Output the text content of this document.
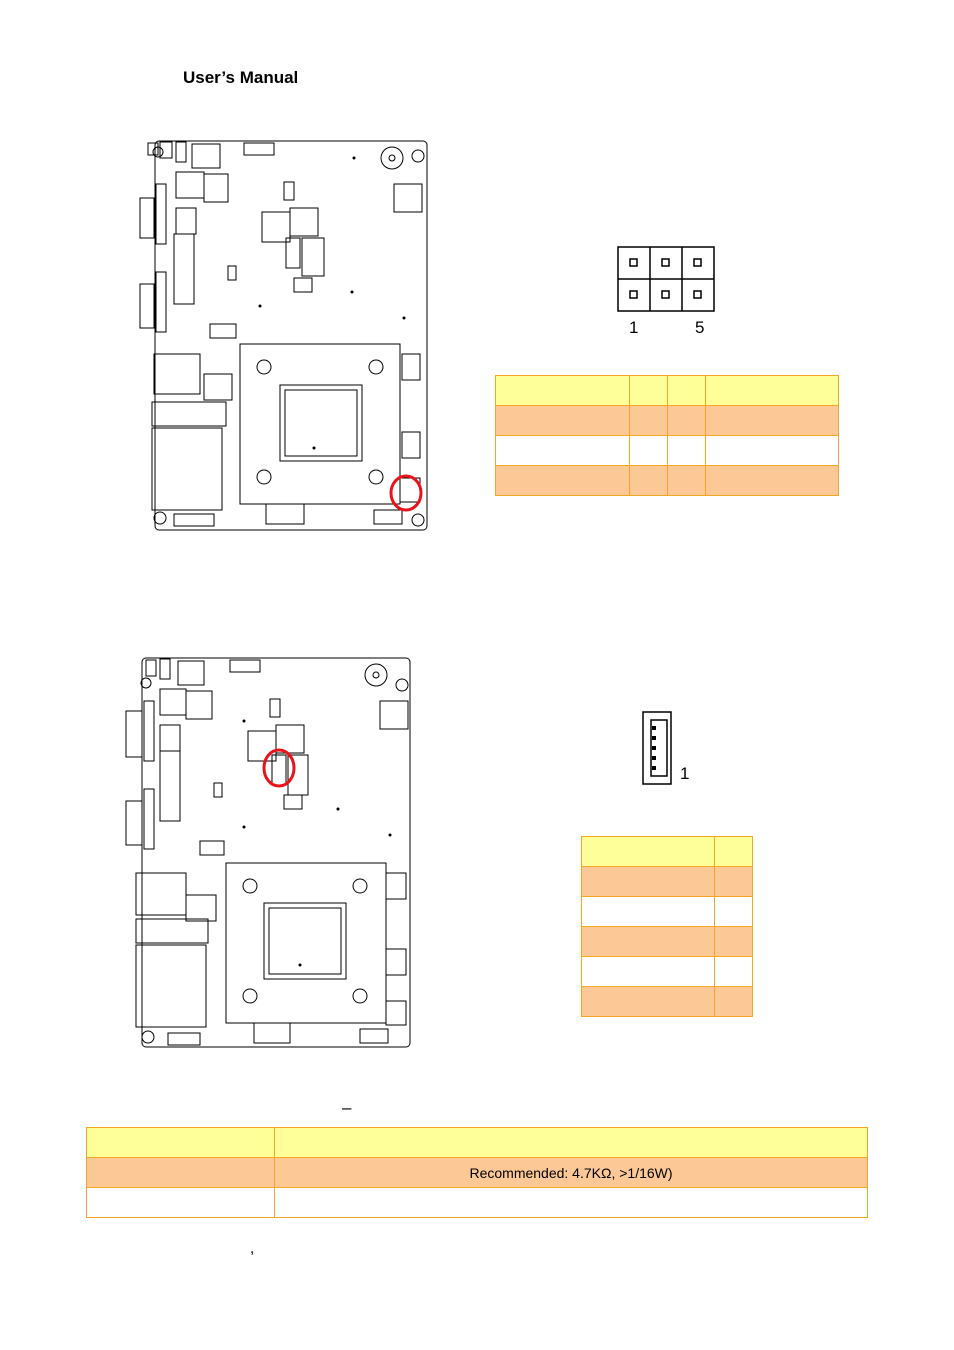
User’s Manual
1	5

1

–

	Recommended: 4.7KΩ, >1/16W)

,
